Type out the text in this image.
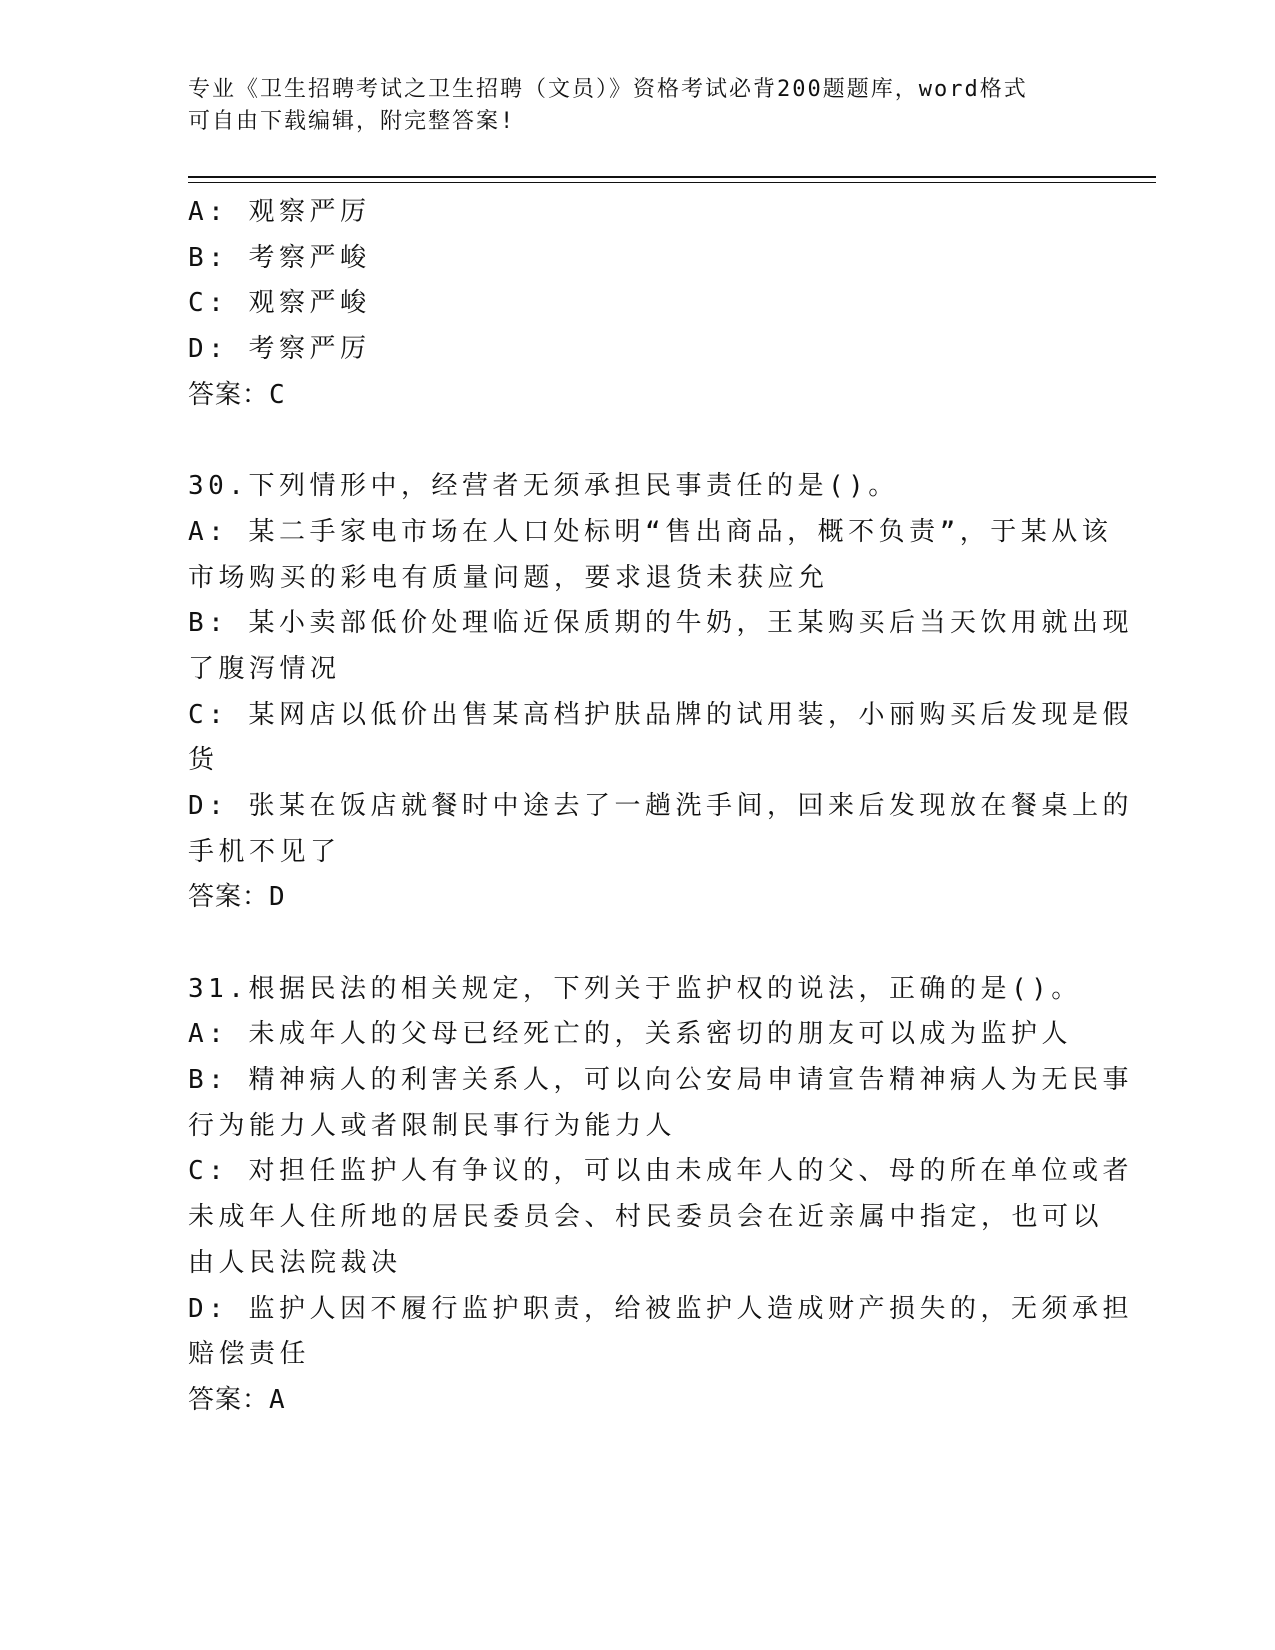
专业《卫生招聘考试之卫生招聘（文员）》资格考试必背200题题库，word格式
可自由下载编辑，附完整答案!
A: 观察严厉
B: 考察严峻
C: 观察严峻
D: 考察严厉
答案：C
30.下列情形中，经营者无须承担民事责任的是()。
A: 某二手家电市场在人口处标明“售出商品，概不负责”，于某从该
市场购买的彩电有质量问题，要求退货未获应允
B: 某小卖部低价处理临近保质期的牛奶，王某购买后当天饮用就出现
了腹泻情况
C: 某网店以低价出售某高档护肤品牌的试用装，小丽购买后发现是假
货
D: 张某在饭店就餐时中途去了一趟洗手间，回来后发现放在餐桌上的
手机不见了
答案：D
31.根据民法的相关规定，下列关于监护权的说法，正确的是()。
A: 未成年人的父母已经死亡的，关系密切的朋友可以成为监护人
B: 精神病人的利害关系人，可以向公安局申请宣告精神病人为无民事
行为能力人或者限制民事行为能力人
C: 对担任监护人有争议的，可以由未成年人的父、母的所在单位或者
未成年人住所地的居民委员会、村民委员会在近亲属中指定，也可以
由人民法院裁决
D: 监护人因不履行监护职责，给被监护人造成财产损失的，无须承担
赔偿责任
答案：A
